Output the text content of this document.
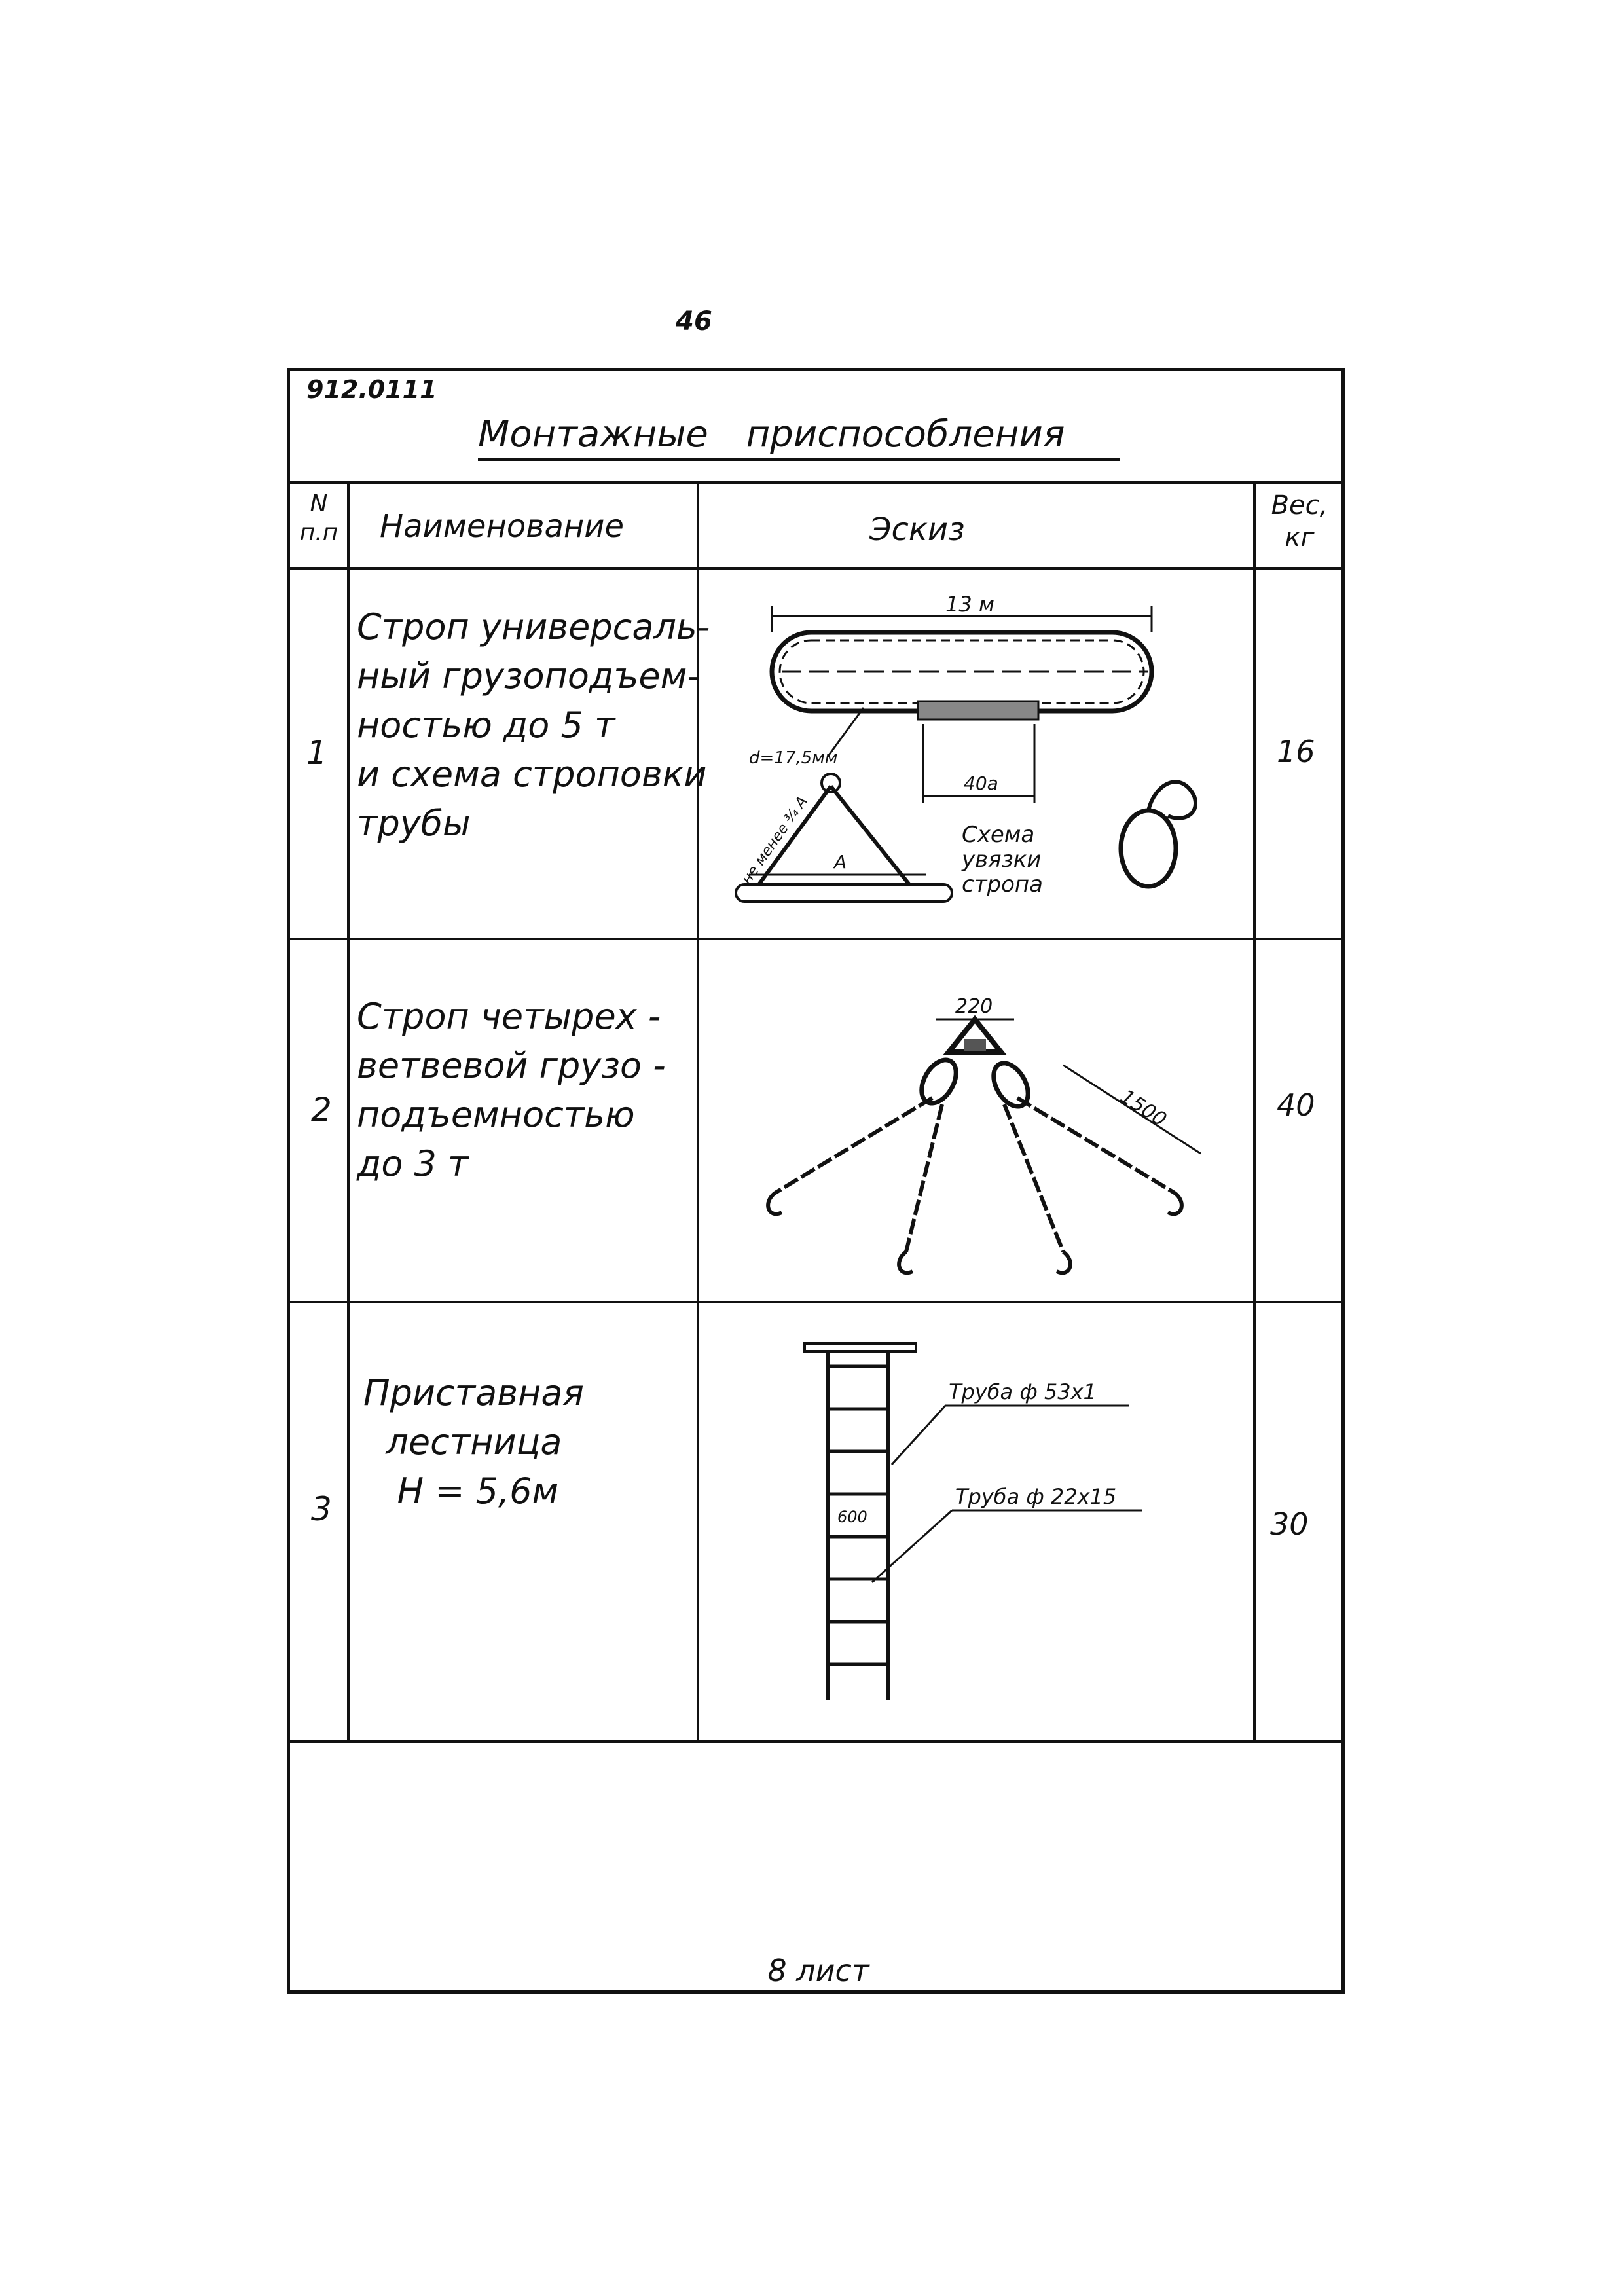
46
912.0111
Монтажные приспособления
N п.п Наименование	Эскиз
Вес, кг
1
Строп универсаль-
ный грузоподъем-
ностью до 5 т
и схема строповки
трубы
16
13 м
40а
d=17,5мм
А
не менее ¾ А	Схема
увязки
стропа
2
Строп четырех -
ветвевой грузо -
подъемностью
до 3 т
40
220
1500
3
Приставная
лестница
Н = 5,6м
30
600
Труба ф 53x1
Труба ф 22x15
8 лист
